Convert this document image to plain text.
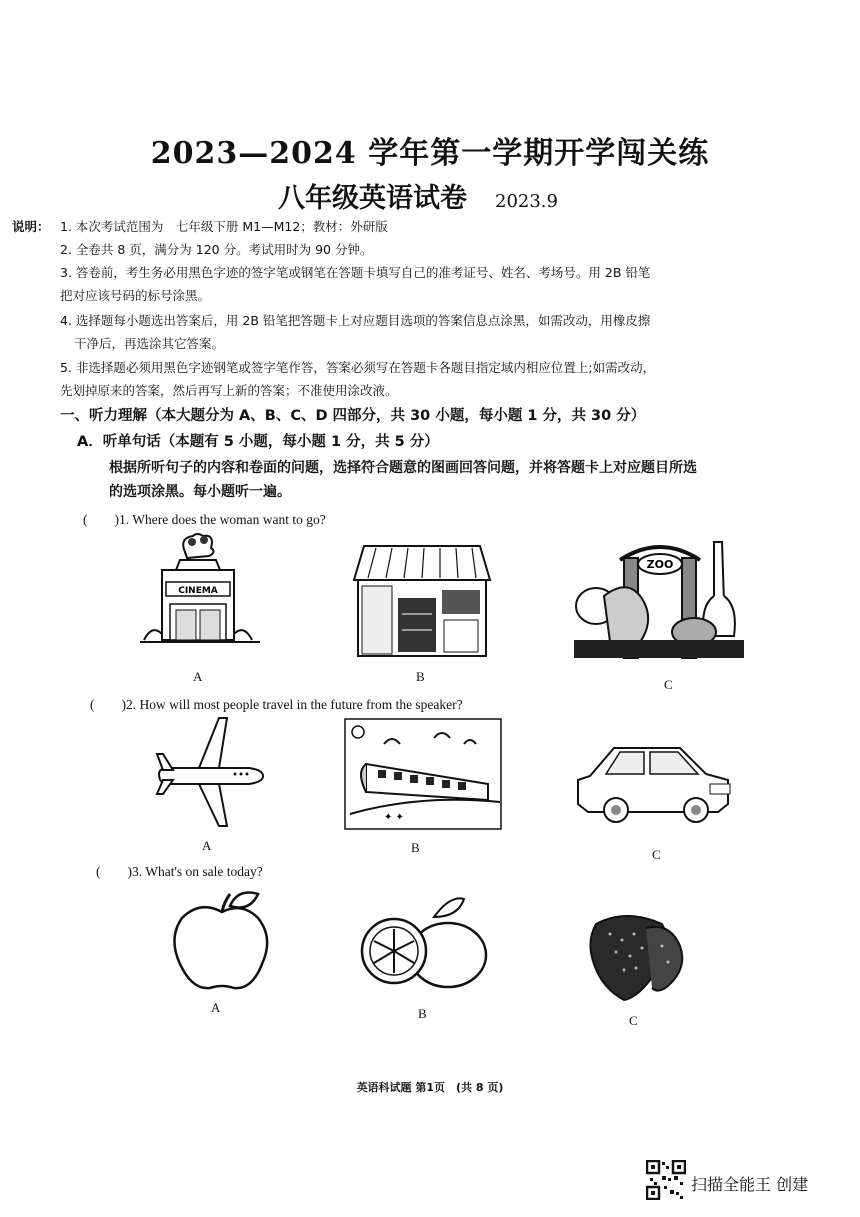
2023—2024 学年第一学期开学闯关练
八年级英语试卷 2023.9
说明： 1. 本次考试范围为　七年级下册 M1—M12；教材：外研版
2. 全卷共 8 页，满分为 120 分。考试用时为 90 分钟。
3. 答卷前，考生务必用黑色字迹的签字笔或钢笔在答题卡填写自己的准考证号、姓名、考场号。用 2B 铅笔
把对应该号码的标号涂黑。
4. 选择题每小题选出答案后，用 2B 铅笔把答题卡上对应题目选项的答案信息点涂黑，如需改动，用橡皮擦
干净后，再选涂其它答案。
5. 非选择题必须用黑色字迹钢笔或签字笔作答，答案必须写在答题卡各题目指定域内相应位置上;如需改动，
先划掉原来的答案，然后再写上新的答案；不准使用涂改液。
一、听力理解（本大题分为 A、B、C、D 四部分，共 30 小题，每小题 1 分，共 30 分）
A．听单句话（本题有 5 小题，每小题 1 分，共 5 分）
根据所听句子的内容和卷面的问题，选择符合题意的图画回答问题，并将答题卡上对应题目所选
的选项涂黑。每小题听一遍。
(　　)1. Where does the woman want to go?
CINEMA
A	B
ZOO
C
(　　)2. How will most people travel in the future from the speaker?
A
✦ ✦
B	C
(　　)3. What's on sale today?
A	B	C
英语科试题 第1页　(共 8 页)
扫描全能王 创建
